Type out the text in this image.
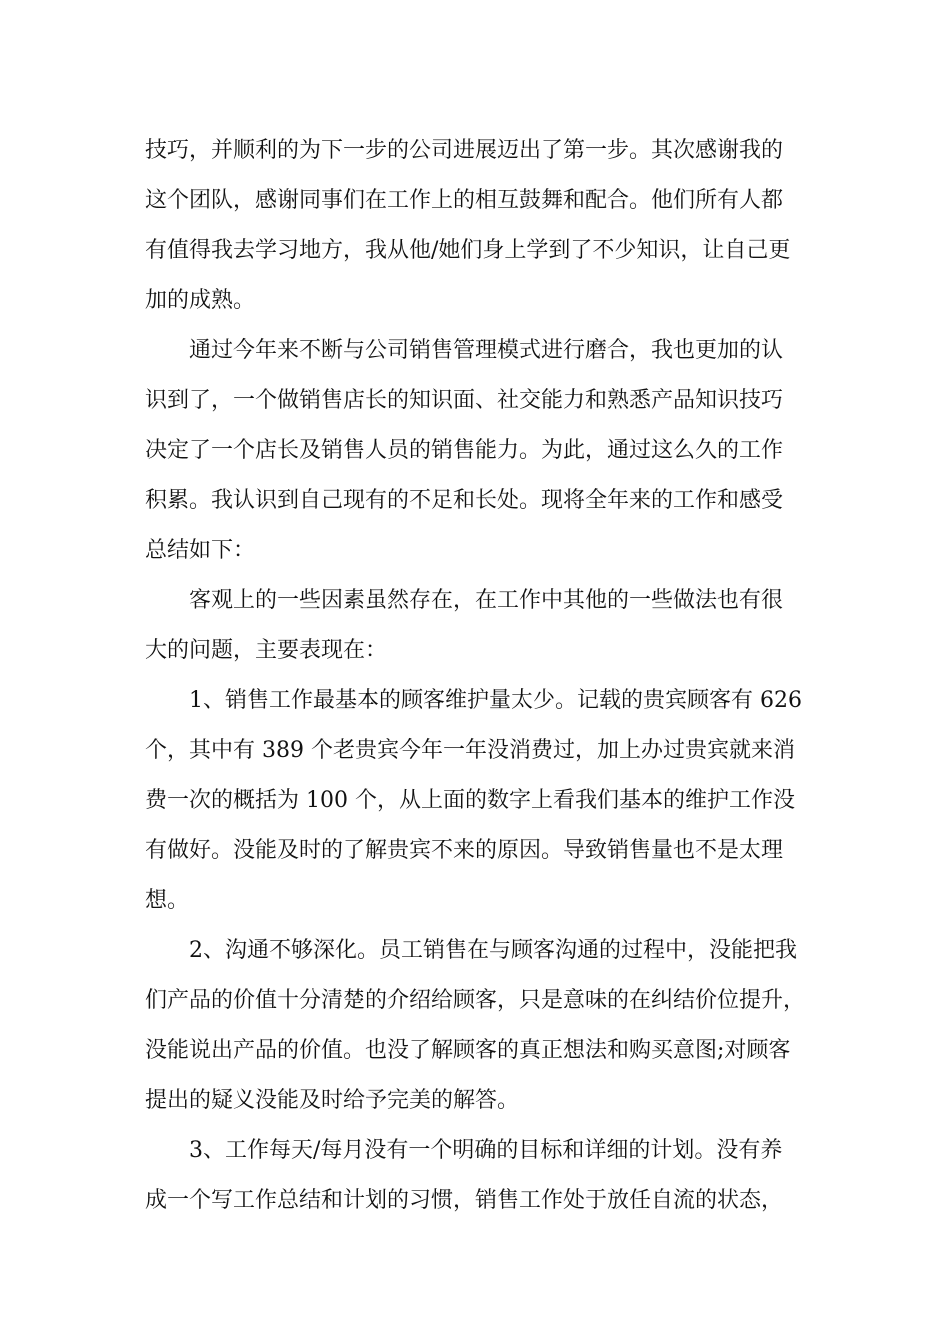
技巧，并顺利的为下一步的公司进展迈出了第一步。其次感谢我的
这个团队，感谢同事们在工作上的相互鼓舞和配合。他们所有人都
有值得我去学习地方，我从他/她们身上学到了不少知识，让自己更
加的成熟。
通过今年来不断与公司销售管理模式进行磨合，我也更加的认
识到了，一个做销售店长的知识面、社交能力和熟悉产品知识技巧
决定了一个店长及销售人员的销售能力。为此，通过这么久的工作
积累。我认识到自己现有的不足和长处。现将全年来的工作和感受
总结如下：
客观上的一些因素虽然存在，在工作中其他的一些做法也有很
大的问题，主要表现在：
1、销售工作最基本的顾客维护量太少。记载的贵宾顾客有 626
个，其中有 389 个老贵宾今年一年没消费过，加上办过贵宾就来消
费一次的概括为 100 个，从上面的数字上看我们基本的维护工作没
有做好。没能及时的了解贵宾不来的原因。导致销售量也不是太理
想。
2、沟通不够深化。员工销售在与顾客沟通的过程中，没能把我
们产品的价值十分清楚的介绍给顾客，只是意味的在纠结价位提升，
没能说出产品的价值。也没了解顾客的真正想法和购买意图;对顾客
提出的疑义没能及时给予完美的解答。
3、工作每天/每月没有一个明确的目标和详细的计划。没有养
成一个写工作总结和计划的习惯，销售工作处于放任自流的状态，
